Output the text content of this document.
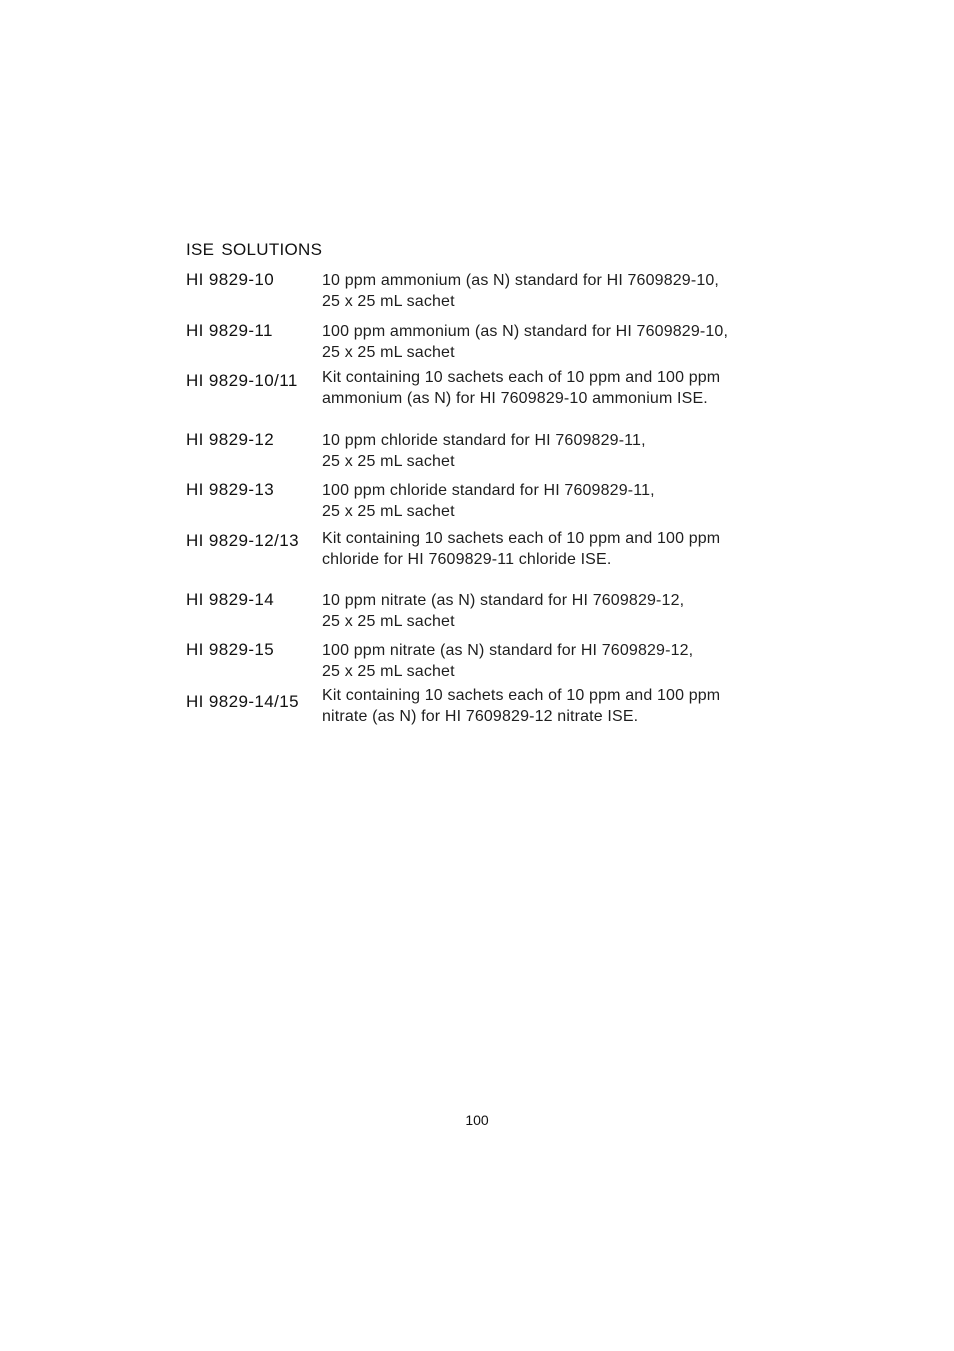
ISE SOLUTIONS
HI 9829-10	10 ppm ammonium (as N) standard for HI 7609829-10,
25 x 25 mL sachet
HI 9829-11	100 ppm ammonium (as N) standard for HI 7609829-10,
25 x 25 mL sachet
HI 9829-10/11 Kit containing 10 sachets each of 10 ppm and 100 ppm
ammonium (as N) for HI 7609829-10 ammonium ISE.
HI 9829-12	10 ppm chloride standard for HI 7609829-11,
25 x 25 mL sachet
HI 9829-13	100 ppm chloride standard for HI 7609829-11,
25 x 25 mL sachet
HI 9829-12/13 Kit containing 10 sachets each of 10 ppm and 100 ppm
chloride for HI 7609829-11 chloride ISE.
HI 9829-14	10 ppm nitrate (as N) standard for HI 7609829-12,
25 x 25 mL sachet
HI 9829-15	100 ppm nitrate (as N) standard for HI 7609829-12,
25 x 25 mL sachet
HI 9829-14/15 Kit containing 10 sachets each of 10 ppm and 100 ppm
nitrate (as N) for HI 7609829-12 nitrate ISE.
100
